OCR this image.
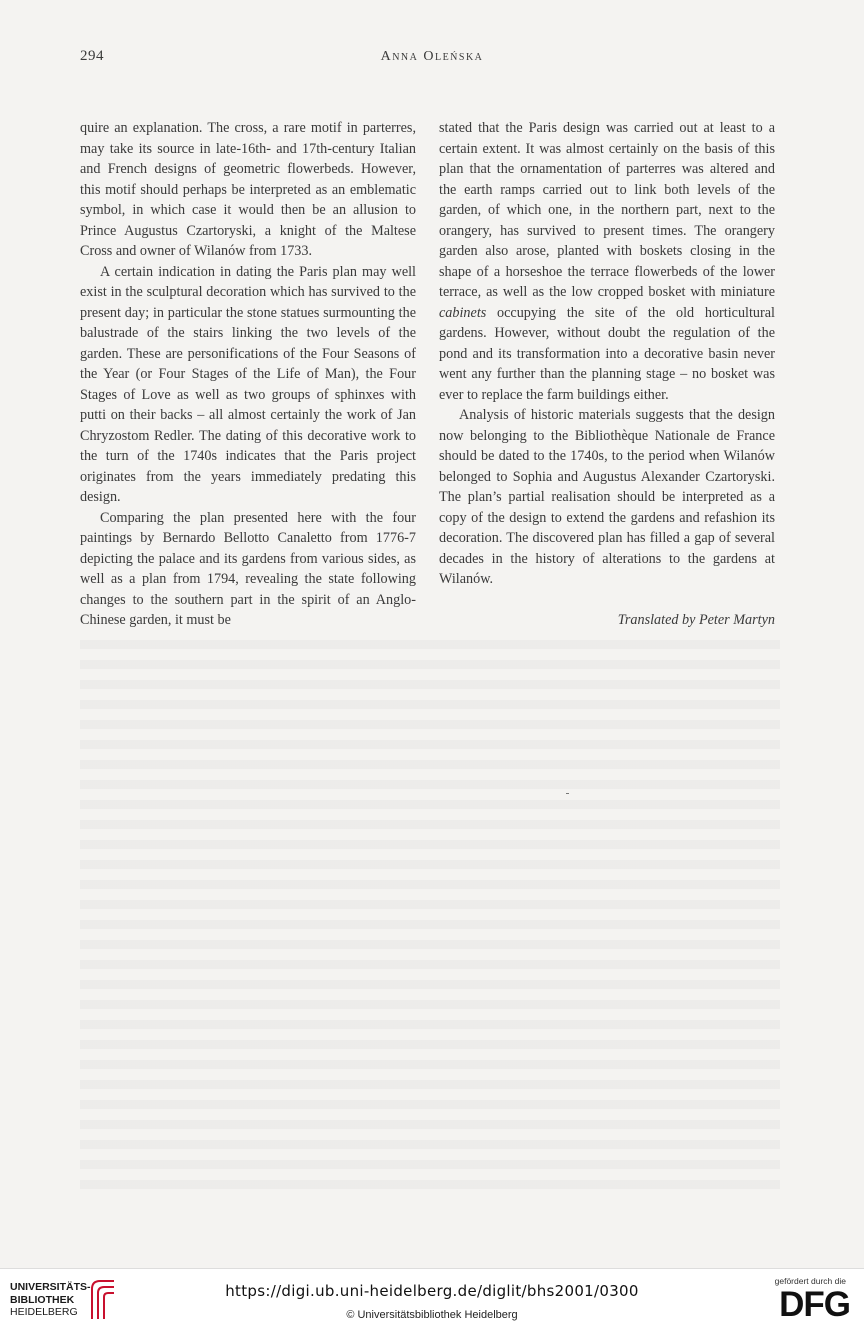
294	Anna Oleńska

quire an explanation. The cross, a rare motif in parterres, may take its source in late-16th- and 17th-century Italian and French designs of geometric flowerbeds. However, this motif should perhaps be interpreted as an emblematic symbol, in which case it would then be an allusion to Prince Augustus Czartoryski, a knight of the Maltese Cross and owner of Wilanów from 1733.

A certain indication in dating the Paris plan may well exist in the sculptural decoration which has survived to the present day; in particular the stone statues surmounting the balustrade of the stairs linking the two levels of the garden. These are personifications of the Four Seasons of the Year (or Four Stages of the Life of Man), the Four Stages of Love as well as two groups of sphinxes with putti on their backs – all almost certainly the work of Jan Chryzostom Redler. The dating of this decorative work to the turn of the 1740s indicates that the Paris project originates from the years immediately predating this design.

Comparing the plan presented here with the four paintings by Bernardo Bellotto Canaletto from 1776-7 depicting the palace and its gardens from various sides, as well as a plan from 1794, revealing the state following changes to the southern part in the spirit of an Anglo-Chinese garden, it must be

stated that the Paris design was carried out at least to a certain extent. It was almost certainly on the basis of this plan that the ornamentation of parterres was altered and the earth ramps carried out to link both levels of the garden, of which one, in the northern part, next to the orangery, has survived to present times. The orangery garden also arose, planted with boskets closing in the shape of a horseshoe the terrace flowerbeds of the lower terrace, as well as the low cropped bosket with miniature cabinets occupying the site of the old horticultural gardens. However, without doubt the regulation of the pond and its transformation into a decorative basin never went any further than the planning stage – no bosket was ever to replace the farm buildings either.

Analysis of historic materials suggests that the design now belonging to the Bibliothèque Nationale de France should be dated to the 1740s, to the period when Wilanów belonged to Sophia and Augustus Alexander Czartoryski. The plan’s partial realisation should be interpreted as a copy of the design to extend the gardens and refashion its decoration. The discovered plan has filled a gap of several decades in the history of alterations to the gardens at Wilanów.

Translated by Peter Martyn

UNIVERSITÄTS-
BIBLIOTHEK
HEIDELBERG
https://digi.ub.uni-heidelberg.de/diglit/bhs2001/0300
© Universitätsbibliothek Heidelberg
gefördert durch die
DFG
